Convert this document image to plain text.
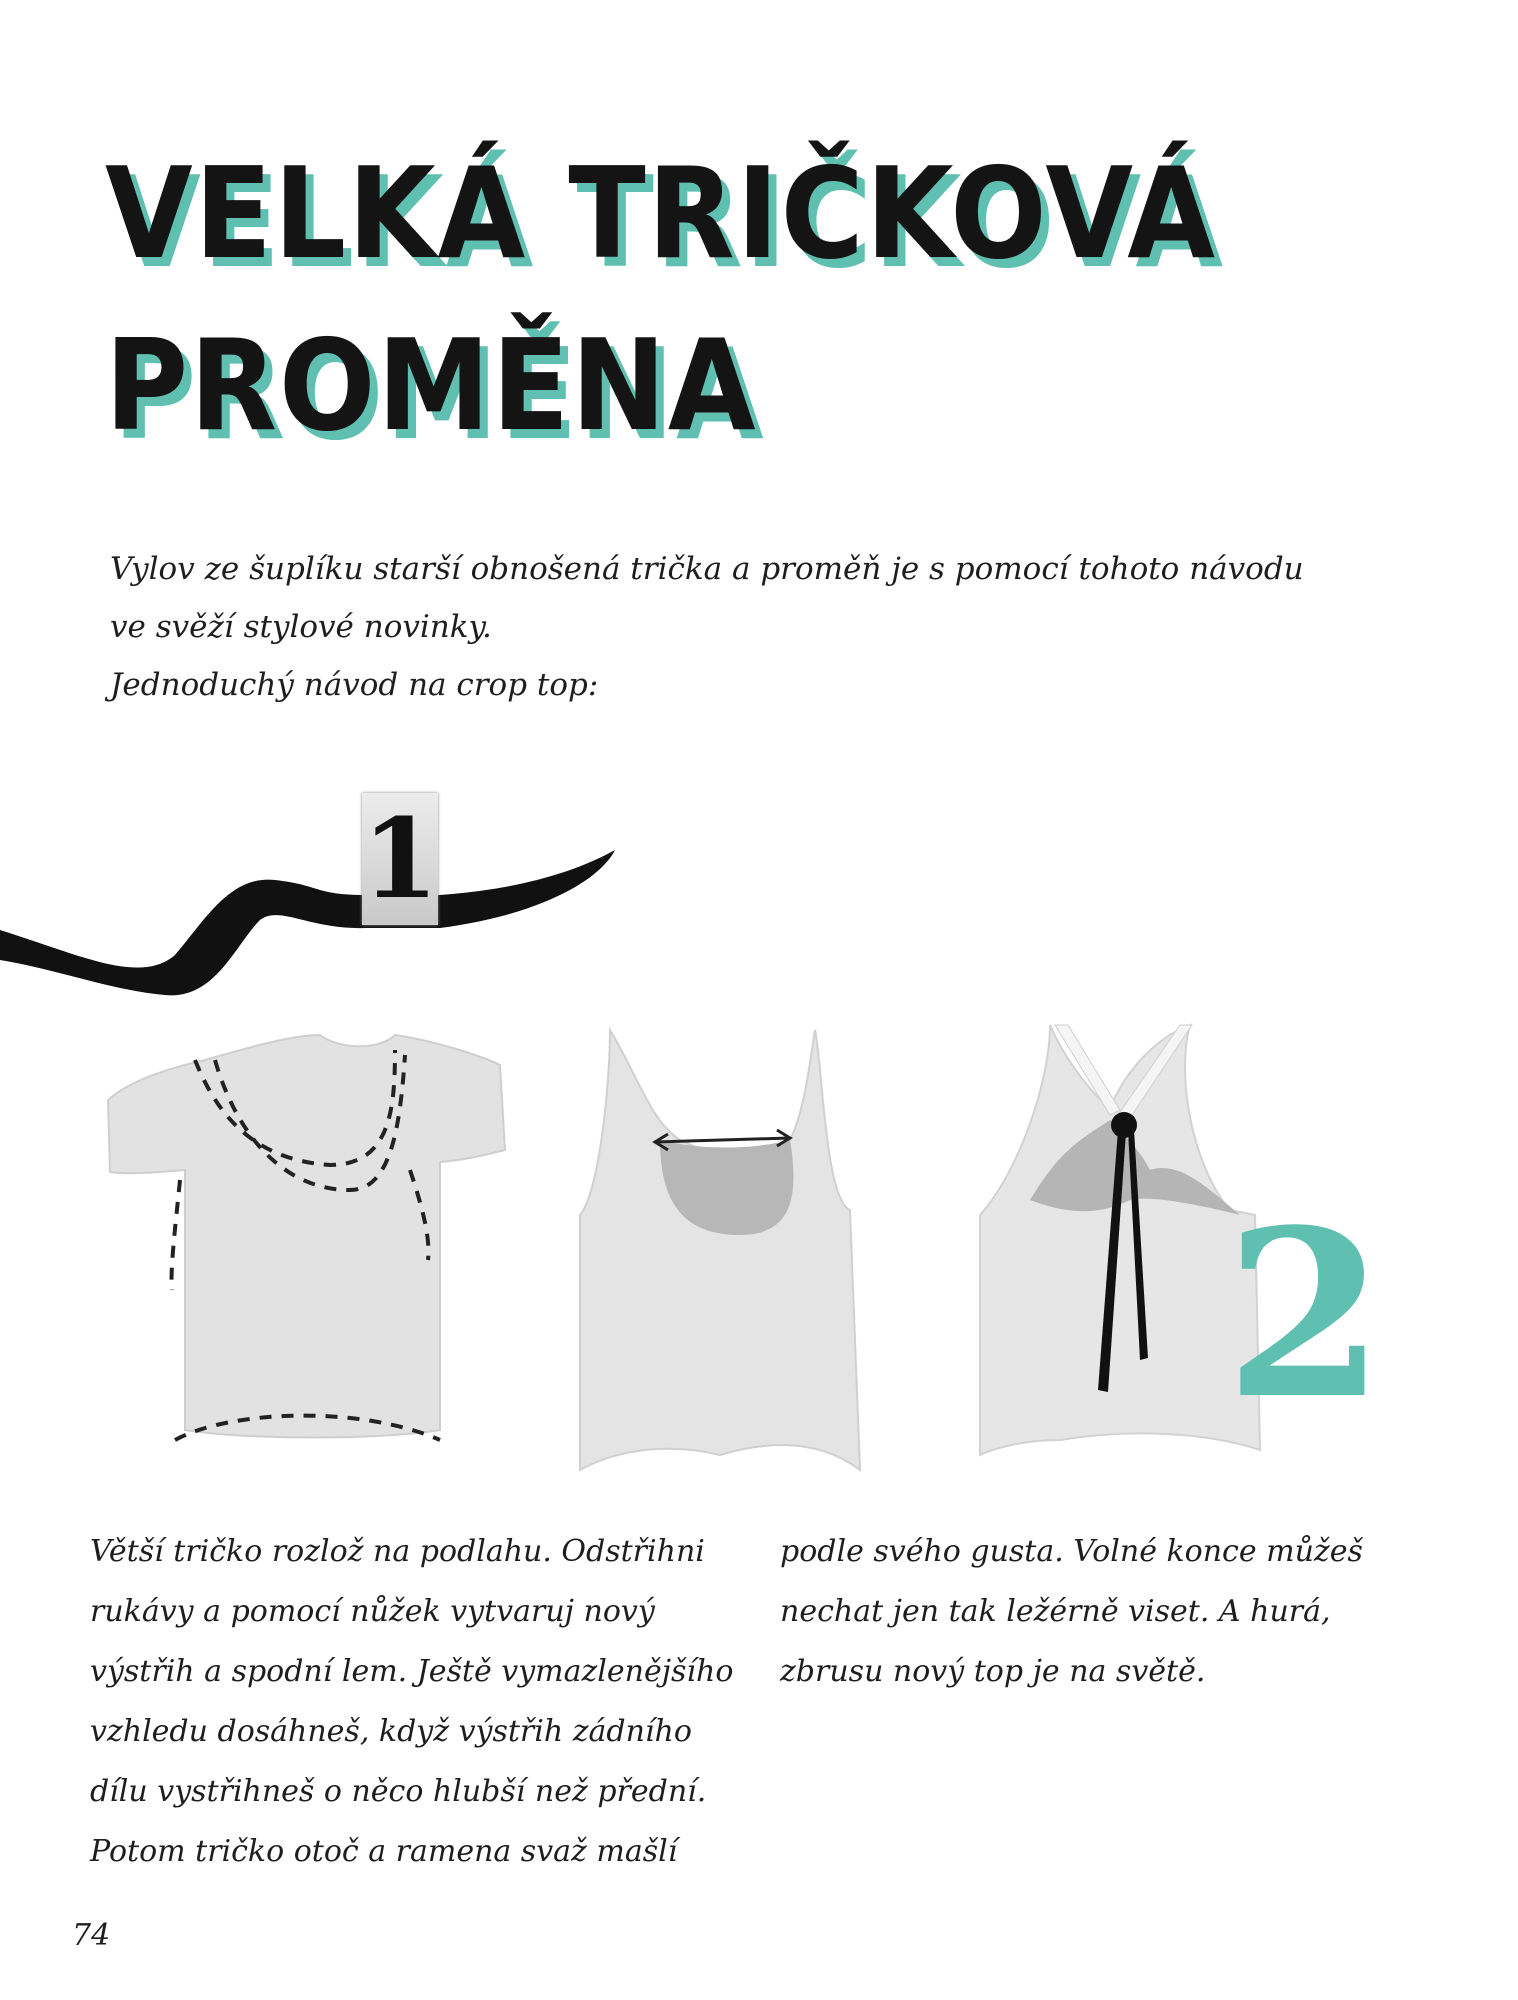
VELKÁ TRIČKOVÁ
PROMĚNA

Vylov ze šuplíku starší obnošená trička a proměň je s pomocí tohoto návodu

ve svěží stylové novinky.

Jednoduchý návod na crop top:

1
2
Větší tričko rozlož na podlahu. Odstřihni
rukávy a pomocí nůžek vytvaruj nový
výstřih a spodní lem. Ještě vymazlenějšího
vzhledu dosáhneš, když výstřih zádního
dílu vystřihneš o něco hlubší než přední.
Potom tričko otoč a ramena svaž mašlí
podle svého gusta. Volné konce můžeš
nechat jen tak ležérně viset. A hurá,
zbrusu nový top je na světě.
74
